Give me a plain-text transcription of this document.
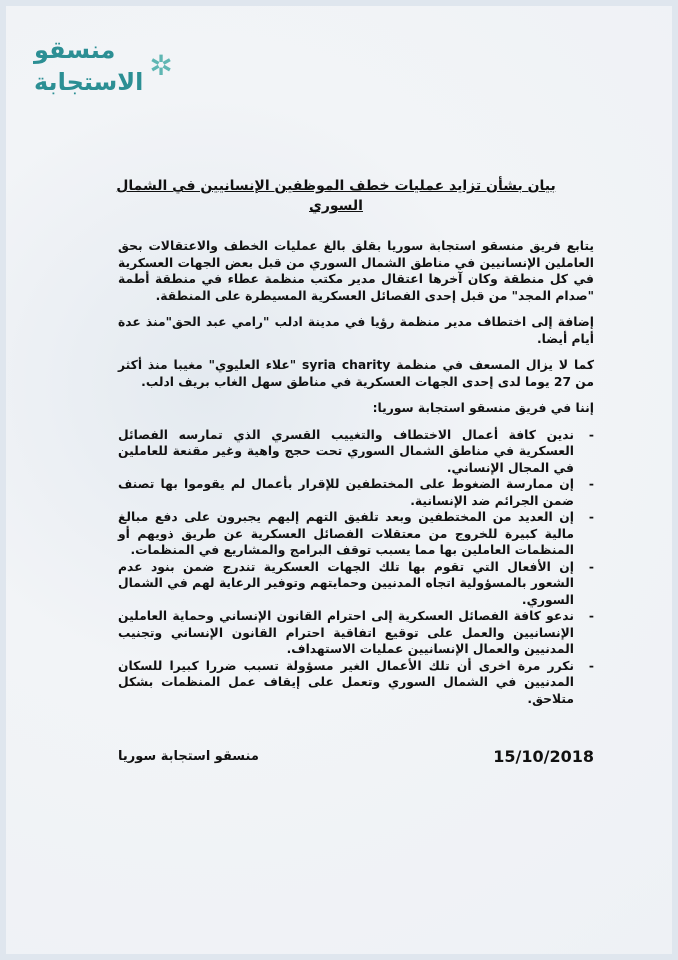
منسقو
الاستجابة ✲
بيان بشأن تزايد عمليات خطف الموظفين الإنسانيين في الشمال السوري

يتابع فريق منسقو استجابة سوريا بقلق بالغ عمليات الخطف والاعتقالات بحق العاملين الإنسانيين في مناطق الشمال السوري من قبل بعض الجهات العسكرية في كل منطقة وكان آخرها اعتقال مدير مكتب منظمة عطاء في منطقة أطمة "صدام المجد" من قبل إحدى الفصائل العسكرية المسيطرة على المنطقة.

إضافة إلى اختطاف مدير منظمة رؤيا في مدينة ادلب "رامي عبد الحق"منذ عدة أيام أيضا.

كما لا يزال المسعف في منظمة syria charity "علاء العليوي" مغيبا منذ أكثر من 27 يوما لدى إحدى الجهات العسكرية في مناطق سهل الغاب بريف ادلب.

إننا في فريق منسقو استجابة سوريا:

-
ندين كافة أعمال الاختطاف والتغييب القسري الذي تمارسه الفصائل العسكرية في مناطق الشمال السوري تحت حجج واهية وغير مقنعة للعاملين في المجال الإنساني.
-
إن ممارسة الضغوط على المختطفين للإقرار بأعمال لم يقوموا بها تصنف ضمن الجرائم ضد الإنسانية.
-
إن العديد من المختطفين وبعد تلفيق التهم إليهم يجبرون على دفع مبالغ مالية كبيرة للخروج من معتقلات الفصائل العسكرية عن طريق ذويهم أو المنظمات العاملين بها مما يسبب توقف البرامج والمشاريع في المنظمات.
-
إن الأفعال التي تقوم بها تلك الجهات العسكرية تندرج ضمن بنود عدم الشعور بالمسؤولية اتجاه المدنيين وحمايتهم وتوفير الرعاية لهم في الشمال السوري.
-
ندعو كافة الفصائل العسكرية إلى احترام القانون الإنساني وحماية العاملين الإنسانيين والعمل على توقيع اتفاقية احترام القانون الإنساني وتجنيب المدنيين والعمال الإنسانيين عمليات الاستهداف.
-
نكرر مرة اخرى أن تلك الأعمال الغير مسؤولة تسبب ضررا كبيرا للسكان المدنيين في الشمال السوري وتعمل على إيقاف عمل المنظمات بشكل متلاحق.
منسقو استجابة سوريا	15/10/2018
